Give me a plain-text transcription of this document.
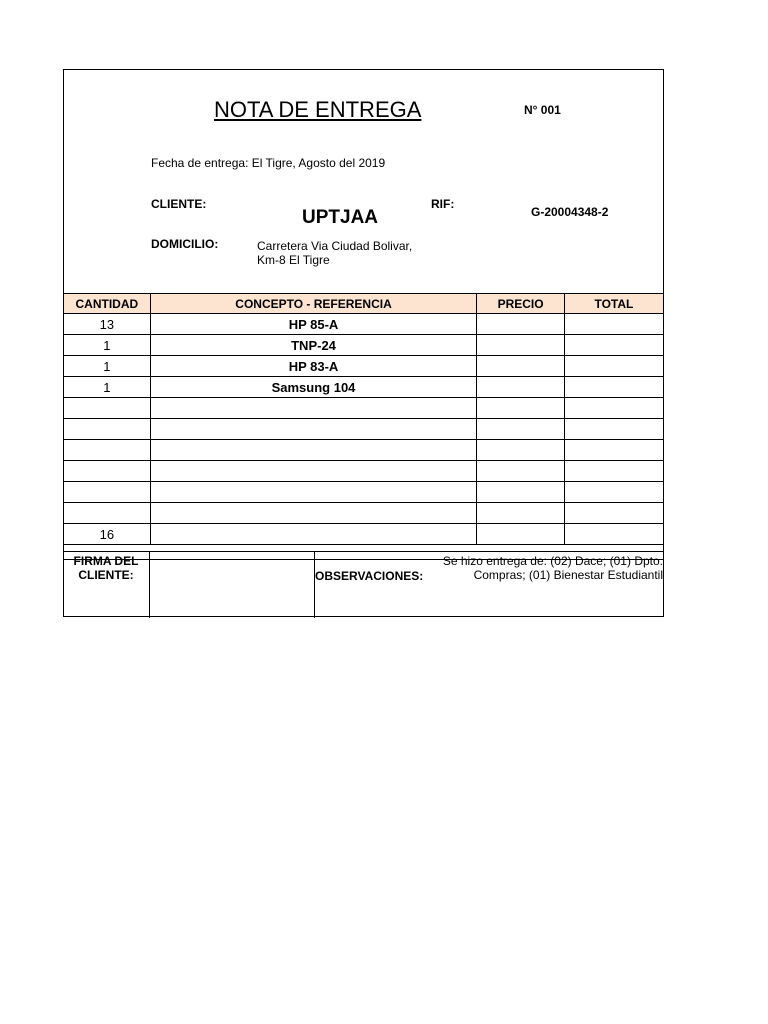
NOTA DE ENTREGA	N° 001
Fecha de entrega: El Tigre, Agosto del 2019
CLIENTE:
UPTJAA
RIF:
G-20004348-2
DOMICILIO:	Carretera Via Ciudad Bolivar, Km-8 El Tigre
CANTIDAD	CONCEPTO - REFERENCIA	PRECIO	TOTAL
13	HP 85-A		
1	TNP-24		
1	HP 83-A		
1	Samsung 104		

16			

FIRMA DEL CLIENTE:	OBSERVACIONES:
Se hizo entrega de: (02) Dace; (01) Dpto. Compras; (01) Bienestar Estudiantil
